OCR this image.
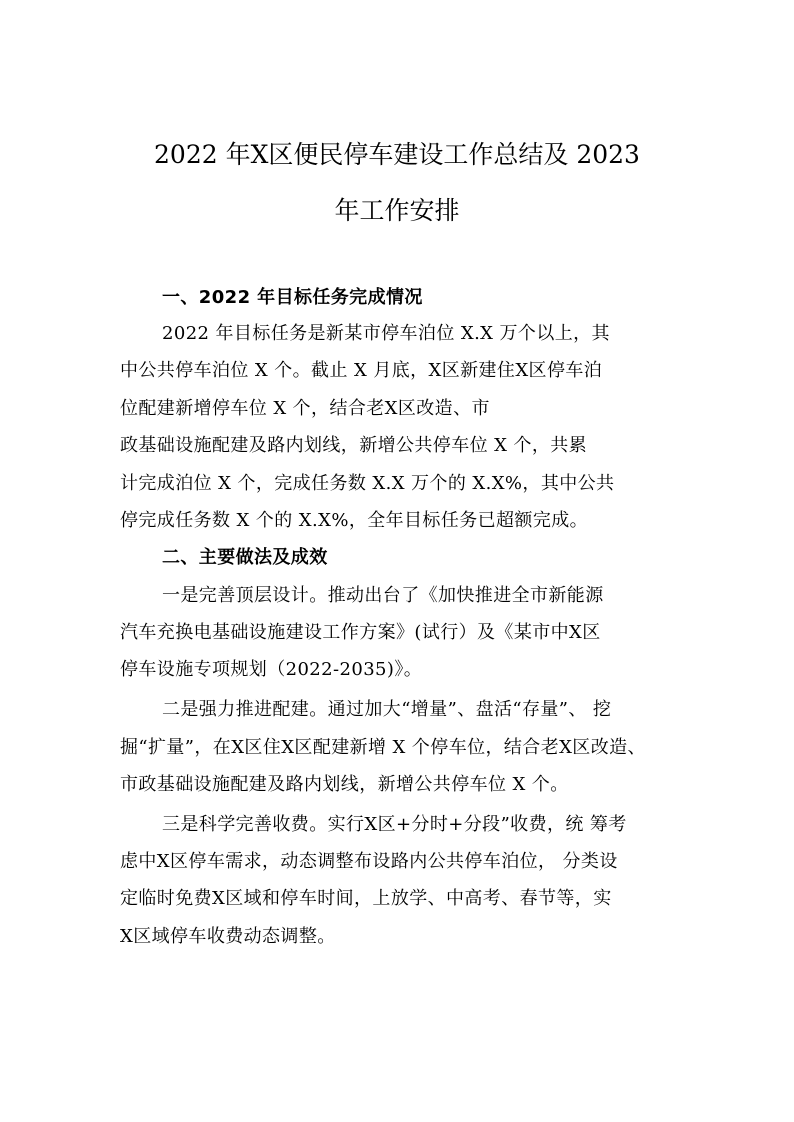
2022 年X区便民停车建设工作总结及 2023
年工作安排
一、2022 年目标任务完成情况
2022 年目标任务是新某市停车泊位 X.X 万个以上，其
中公共停车泊位 X 个。截止 X 月底，X区新建住X区停车泊
位配建新增停车位 X 个，结合老X区改造、市
政基础设施配建及路内划线，新增公共停车位 X 个，共累
计完成泊位 X 个，完成任务数 X.X 万个的 X.X%，其中公共
停完成任务数 X 个的 X.X%，全年目标任务已超额完成。
二、主要做法及成效
一是完善顶层设计。推动出台了《加快推进全市新能源
汽车充换电基础设施建设工作方案》(试行）及《某市中X区
停车设施专项规划（2022-2035)》。
二是强力推进配建。通过加大“增量”、盘活“存量”、 挖
掘“扩量”，在X区住X区配建新增 X 个停车位，结合老X区改造、
市政基础设施配建及路内划线，新增公共停车位 X 个。
三是科学完善收费。实行X区+分时+分段”收费，统 筹考
虑中X区停车需求，动态调整布设路内公共停车泊位， 分类设
定临时免费X区域和停车时间，上放学、中高考、春节等，实
X区域停车收费动态调整。
